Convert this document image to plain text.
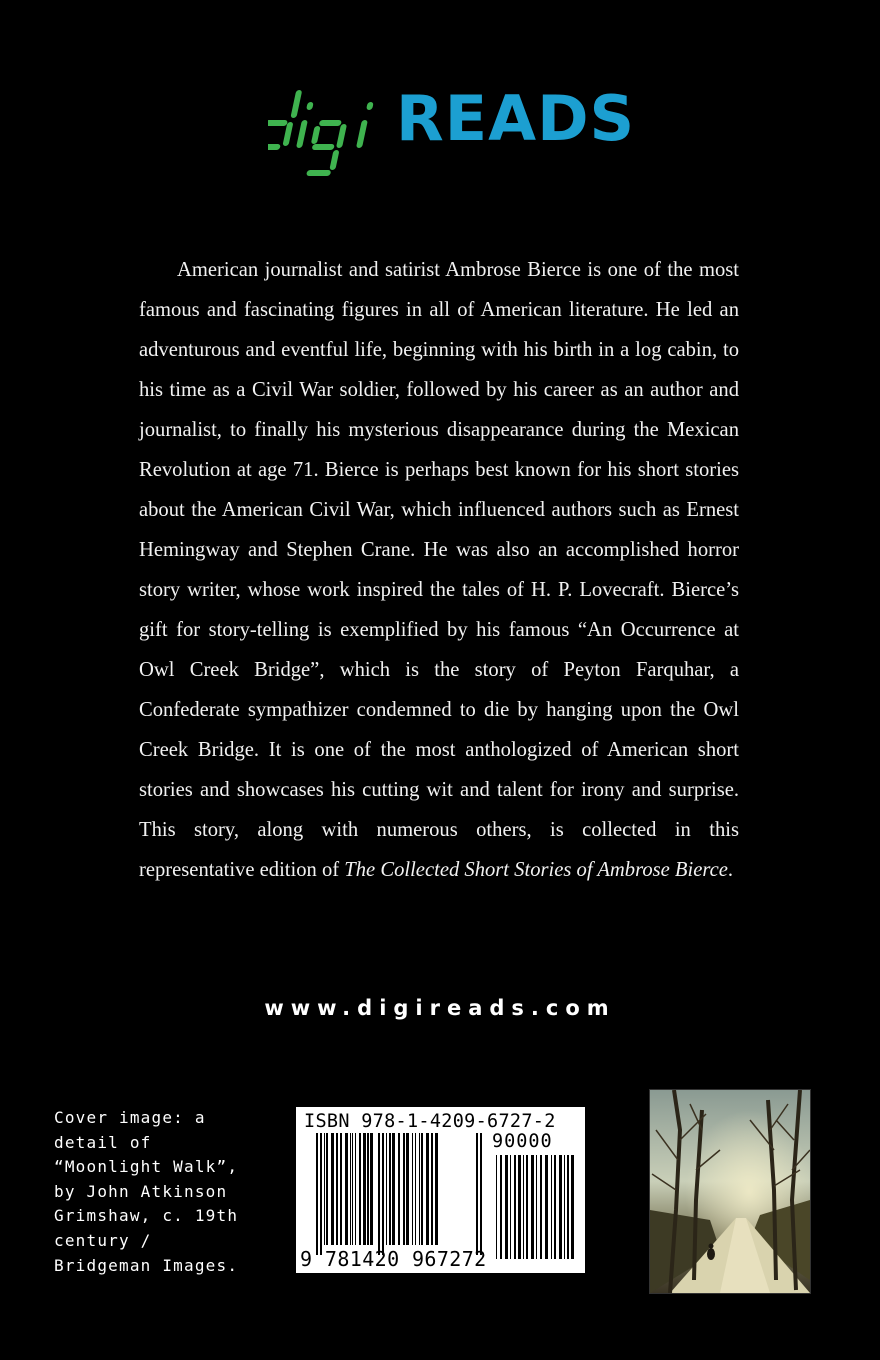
READS

American journalist and satirist Ambrose Bierce is one of the most famous and fascinating figures in all of American literature. He led an adventurous and eventful life, beginning with his birth in a log cabin, to his time as a Civil War soldier, followed by his career as an author and journalist, to finally his mysterious disappearance during the Mexican Revolution at age 71. Bierce is perhaps best known for his short stories about the American Civil War, which influenced authors such as Ernest Hemingway and Stephen Crane. He was also an accomplished horror story writer, whose work inspired the tales of H. P. Lovecraft. Bierce’s gift for story-telling is exemplified by his famous “An Occurrence at Owl Creek Bridge”, which is the story of Peyton Farquhar, a Confederate sympathizer condemned to die by hanging upon the Owl Creek Bridge. It is one of the most anthologized of American short stories and showcases his cutting wit and talent for irony and surprise. This story, along with numerous others, is collected in this representative edition of The Collected Short Stories of Ambrose Bierce.

www.digireads.com
Cover image: a
detail of
“Moonlight Walk”,
by John Atkinson
Grimshaw, c. 19th
century /
Bridgeman Images.
ISBN 978-1-4209-6727-2
90000
9 781420 967272
